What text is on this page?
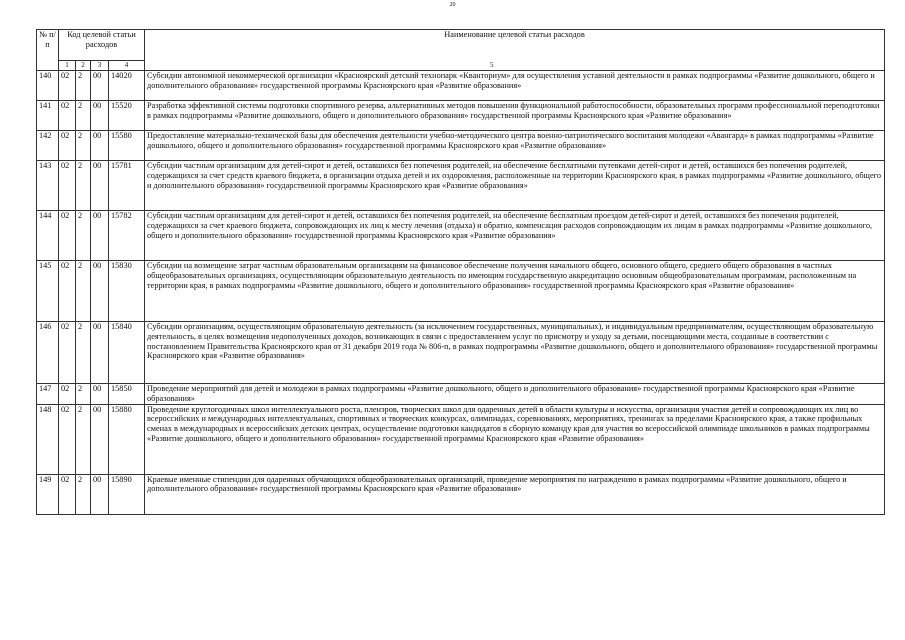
20
№ п/п	Код целевой статьи расходов				Наименование целевой статьи расходов
	1	2	3	4	

140	02	2	00	14020	Субсидии автономной некоммерческой организации «Красноярский детский технопарк «Кванториум» для осуществления уставной деятельности в рамках подпрограммы «Развитие дошкольного, общего и дополнительного образования» государственной программы Красноярского края «Развитие образования»
141	02	2	00	15520	Разработка эффективной системы подготовки спортивного резерва, альтернативных методов повышения функциональной работоспособности, образовательных программ профессиональной переподготовки в рамках подпрограммы «Развитие дошкольного, общего и дополнительного образования» государственной программы Красноярского края «Развитие образования»
142	02	2	00	15580	Предоставление материально-технической базы для обеспечения деятельности учебно-методического центра военно-патриотического воспитания молодежи «Авангард» в рамках подпрограммы «Развитие дошкольного, общего и дополнительного образования» государственной программы Красноярского края «Развитие образования»
143	02	2	00	15781	Субсидии частным организациям для детей-сирот и детей, оставшихся без попечения родителей, на обеспечение бесплатными путевками детей-сирот и детей, оставшихся без попечения родителей, содержащихся за счет средств краевого бюджета, в организации отдыха детей и их оздоровления, расположенные на территории Красноярского края, в рамках подпрограммы «Развитие дошкольного, общего и дополнительного образования» государственной программы Красноярского края «Развитие образования»
144	02	2	00	15782	Субсидии частным организациям для детей-сирот и детей, оставшихся без попечения родителей, на обеспечение бесплатным проездом детей-сирот и детей, оставшихся без попечения родителей, содержащихся за счет краевого бюджета, сопровождающих их лиц к месту лечения (отдыха) и обратно, компенсация расходов сопровождающим их лицам в рамках подпрограммы «Развитие дошкольного, общего и дополнительного образования» государственной программы Красноярского края «Развитие образования»
145	02	2	00	15830	Субсидии на возмещение затрат частным образовательным организациям на финансовое обеспечение получения начального общего, основного общего, среднего общего образования в частных общеобразовательных организациях, осуществляющим образовательную деятельность по имеющим государственную аккредитацию основным общеобразовательным программам, расположенным на территории края, в рамках подпрограммы «Развитие дошкольного, общего и дополнительного образования» государственной программы Красноярского края «Развитие образования»
146	02	2	00	15840	Субсидии организациям, осуществляющим образовательную деятельность (за исключением государственных, муниципальных), и индивидуальным предпринимателям, осуществляющим образовательную деятельность, в целях возмещения недополученных доходов, возникающих в связи с предоставлением услуг по присмотру и уходу за детьми, посещающими места, созданные в соответствии с постановлением Правительства Красноярского края от 31 декабря 2019 года № 806-п, в рамках подпрограммы «Развитие дошкольного, общего и дополнительного образования» государственной программы Красноярского края «Развитие образования»
147	02	2	00	15850	Проведение мероприятий для детей и молодежи в рамках подпрограммы «Развитие дошкольного, общего и дополнительного образования» государственной программы Красноярского края «Развитие образования»
148	02	2	00	15880	Проведение круглогодичных школ интеллектуального роста, пленэров, творческих школ для одаренных детей в области культуры и искусства, организация участия детей и сопровождающих их лиц во всероссийских и международных интеллектуальных, спортивных и творческих конкурсах, олимпиадах, соревнованиях, мероприятиях, тренингах за пределами Красноярского края, а также профильных сменах в международных и всероссийских детских центрах, осуществление подготовки кандидатов в сборную команду края для участия во всероссийской олимпиаде школьников в рамках подпрограммы «Развитие дошкольного, общего и дополнительного образования» государственной программы Красноярского края «Развитие образования»
149	02	2	00	15890	Краевые именные стипендии для одаренных обучающихся общеобразовательных организаций, проведение мероприятия по награждению в рамках подпрограммы «Развитие дошкольного, общего и дополнительного образования» государственной программы Красноярского края «Развитие образования»
5
